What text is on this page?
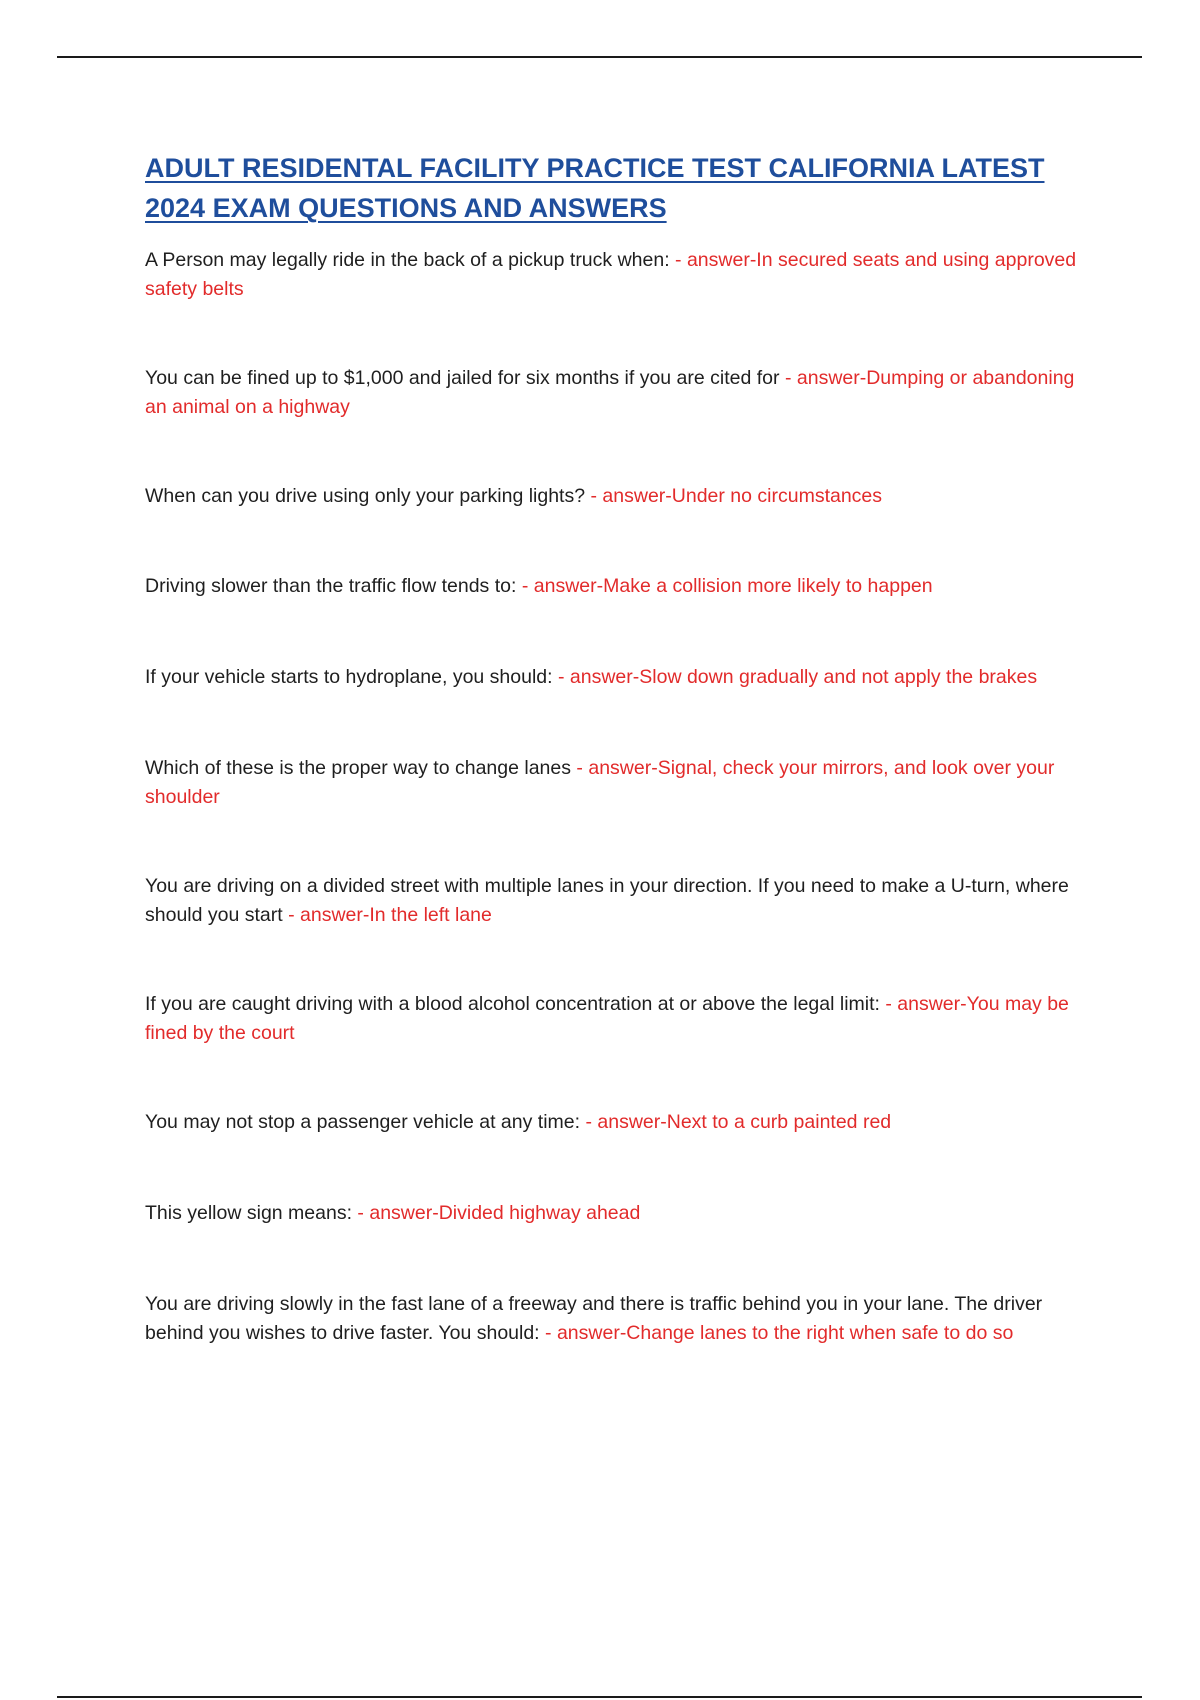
ADULT RESIDENTAL FACILITY PRACTICE TEST CALIFORNIA LATEST 2024 EXAM QUESTIONS AND ANSWERS
A Person may legally ride in the back of a pickup truck when: - answer-In secured seats and using approved safety belts
You can be fined up to $1,000 and jailed for six months if you are cited for - answer-Dumping or abandoning an animal on a highway
When can you drive using only your parking lights? - answer-Under no circumstances
Driving slower than the traffic flow tends to: - answer-Make a collision more likely to happen
If your vehicle starts to hydroplane, you should: - answer-Slow down gradually and not apply the brakes
Which of these is the proper way to change lanes - answer-Signal, check your mirrors, and look over your shoulder
You are driving on a divided street with multiple lanes in your direction. If you need to make a U-turn, where should you start - answer-In the left lane
If you are caught driving with a blood alcohol concentration at or above the legal limit: - answer-You may be fined by the court
You may not stop a passenger vehicle at any time: - answer-Next to a curb painted red
This yellow sign means: - answer-Divided highway ahead
You are driving slowly in the fast lane of a freeway and there is traffic behind you in your lane. The driver behind you wishes to drive faster. You should: - answer-Change lanes to the right when safe to do so
